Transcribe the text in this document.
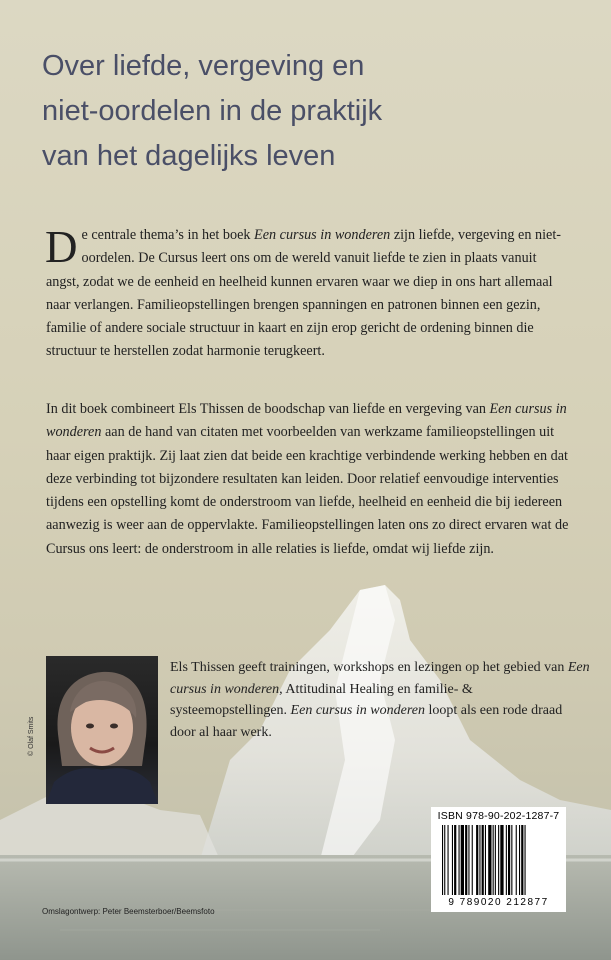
Over liefde, vergeving en
niet-oordelen in de praktijk
van het dagelijks leven

De centrale thema’s in het boek Een cursus in wonderen zijn liefde, vergeving en niet-oordelen. De Cursus leert ons om de wereld vanuit liefde te zien in plaats vanuit angst, zodat we de eenheid en heelheid kunnen ervaren waar we diep in ons hart allemaal naar verlangen. Familieopstellingen brengen spanningen en patronen binnen een gezin, familie of andere sociale structuur in kaart en zijn erop gericht de ordening binnen die structuur te herstellen zodat harmonie terugkeert.

In dit boek combineert Els Thissen de boodschap van liefde en vergeving van Een cursus in wonderen aan de hand van citaten met voorbeelden van werkzame familieopstellingen uit haar eigen praktijk. Zij laat zien dat beide een krachtige verbindende werking hebben en dat deze verbinding tot bijzondere resultaten kan leiden. Door relatief eenvoudige interventies tijdens een opstelling komt de onderstroom van liefde, heelheid en eenheid die bij iedereen aanwezig is weer aan de oppervlakte. Familieopstellingen laten ons zo direct ervaren wat de Cursus ons leert: de onderstroom in alle relaties is liefde, omdat wij liefde zijn.

© Olaf Smits

Els Thissen geeft trainingen, workshops en lezingen op het gebied van Een cursus in wonderen, Attitudinal Healing en familie- & systeemopstellingen. Een cursus in wonderen loopt als een rode draad door al haar werk.

ISBN 978-90-202-1287-7
9 789020 212877
Omslagontwerp: Peter Beemsterboer/Beemsfoto
